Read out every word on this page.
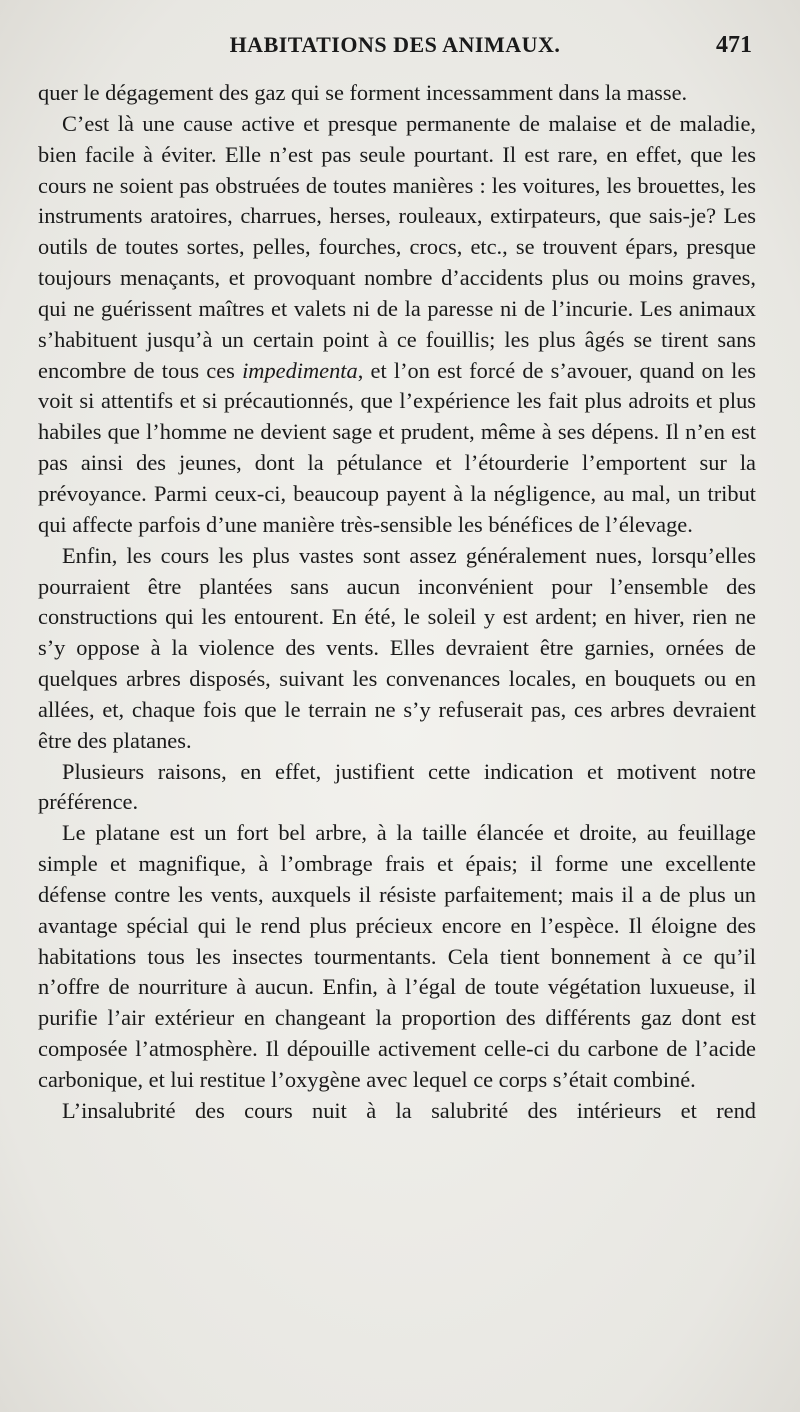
HABITATIONS DES ANIMAUX.	471

quer le dégagement des gaz qui se forment incessamment dans la masse.

C’est là une cause active et presque permanente de malaise et de maladie, bien facile à éviter. Elle n’est pas seule pourtant. Il est rare, en effet, que les cours ne soient pas obstruées de toutes manières : les voitures, les brouettes, les instruments aratoires, charrues, herses, rouleaux, extirpateurs, que sais-je? Les outils de toutes sortes, pelles, fourches, crocs, etc., se trouvent épars, presque toujours menaçants, et provoquant nombre d’accidents plus ou moins graves, qui ne guérissent maîtres et valets ni de la paresse ni de l’incurie. Les animaux s’habituent jusqu’à un certain point à ce fouillis; les plus âgés se tirent sans encombre de tous ces impedimenta, et l’on est forcé de s’avouer, quand on les voit si attentifs et si précautionnés, que l’expérience les fait plus adroits et plus habiles que l’homme ne devient sage et prudent, même à ses dépens. Il n’en est pas ainsi des jeunes, dont la pétulance et l’étourderie l’emportent sur la prévoyance. Parmi ceux-ci, beaucoup payent à la négligence, au mal, un tribut qui affecte parfois d’une manière très-sensible les bénéfices de l’élevage.

Enfin, les cours les plus vastes sont assez généralement nues, lorsqu’elles pourraient être plantées sans aucun inconvénient pour l’ensemble des constructions qui les entourent. En été, le soleil y est ardent; en hiver, rien ne s’y oppose à la violence des vents. Elles devraient être garnies, ornées de quelques arbres disposés, suivant les convenances locales, en bouquets ou en allées, et, chaque fois que le terrain ne s’y refuserait pas, ces arbres devraient être des platanes.

Plusieurs raisons, en effet, justifient cette indication et motivent notre préférence.

Le platane est un fort bel arbre, à la taille élancée et droite, au feuillage simple et magnifique, à l’ombrage frais et épais; il forme une excellente défense contre les vents, auxquels il résiste parfaitement; mais il a de plus un avantage spécial qui le rend plus précieux encore en l’espèce. Il éloigne des habitations tous les insectes tourmentants. Cela tient bonnement à ce qu’il n’offre de nourriture à aucun. Enfin, à l’égal de toute végétation luxueuse, il purifie l’air extérieur en changeant la proportion des différents gaz dont est composée l’atmosphère. Il dépouille activement celle-ci du carbone de l’acide carbonique, et lui restitue l’oxygène avec lequel ce corps s’était combiné.

L’insalubrité des cours nuit à la salubrité des intérieurs et rend
